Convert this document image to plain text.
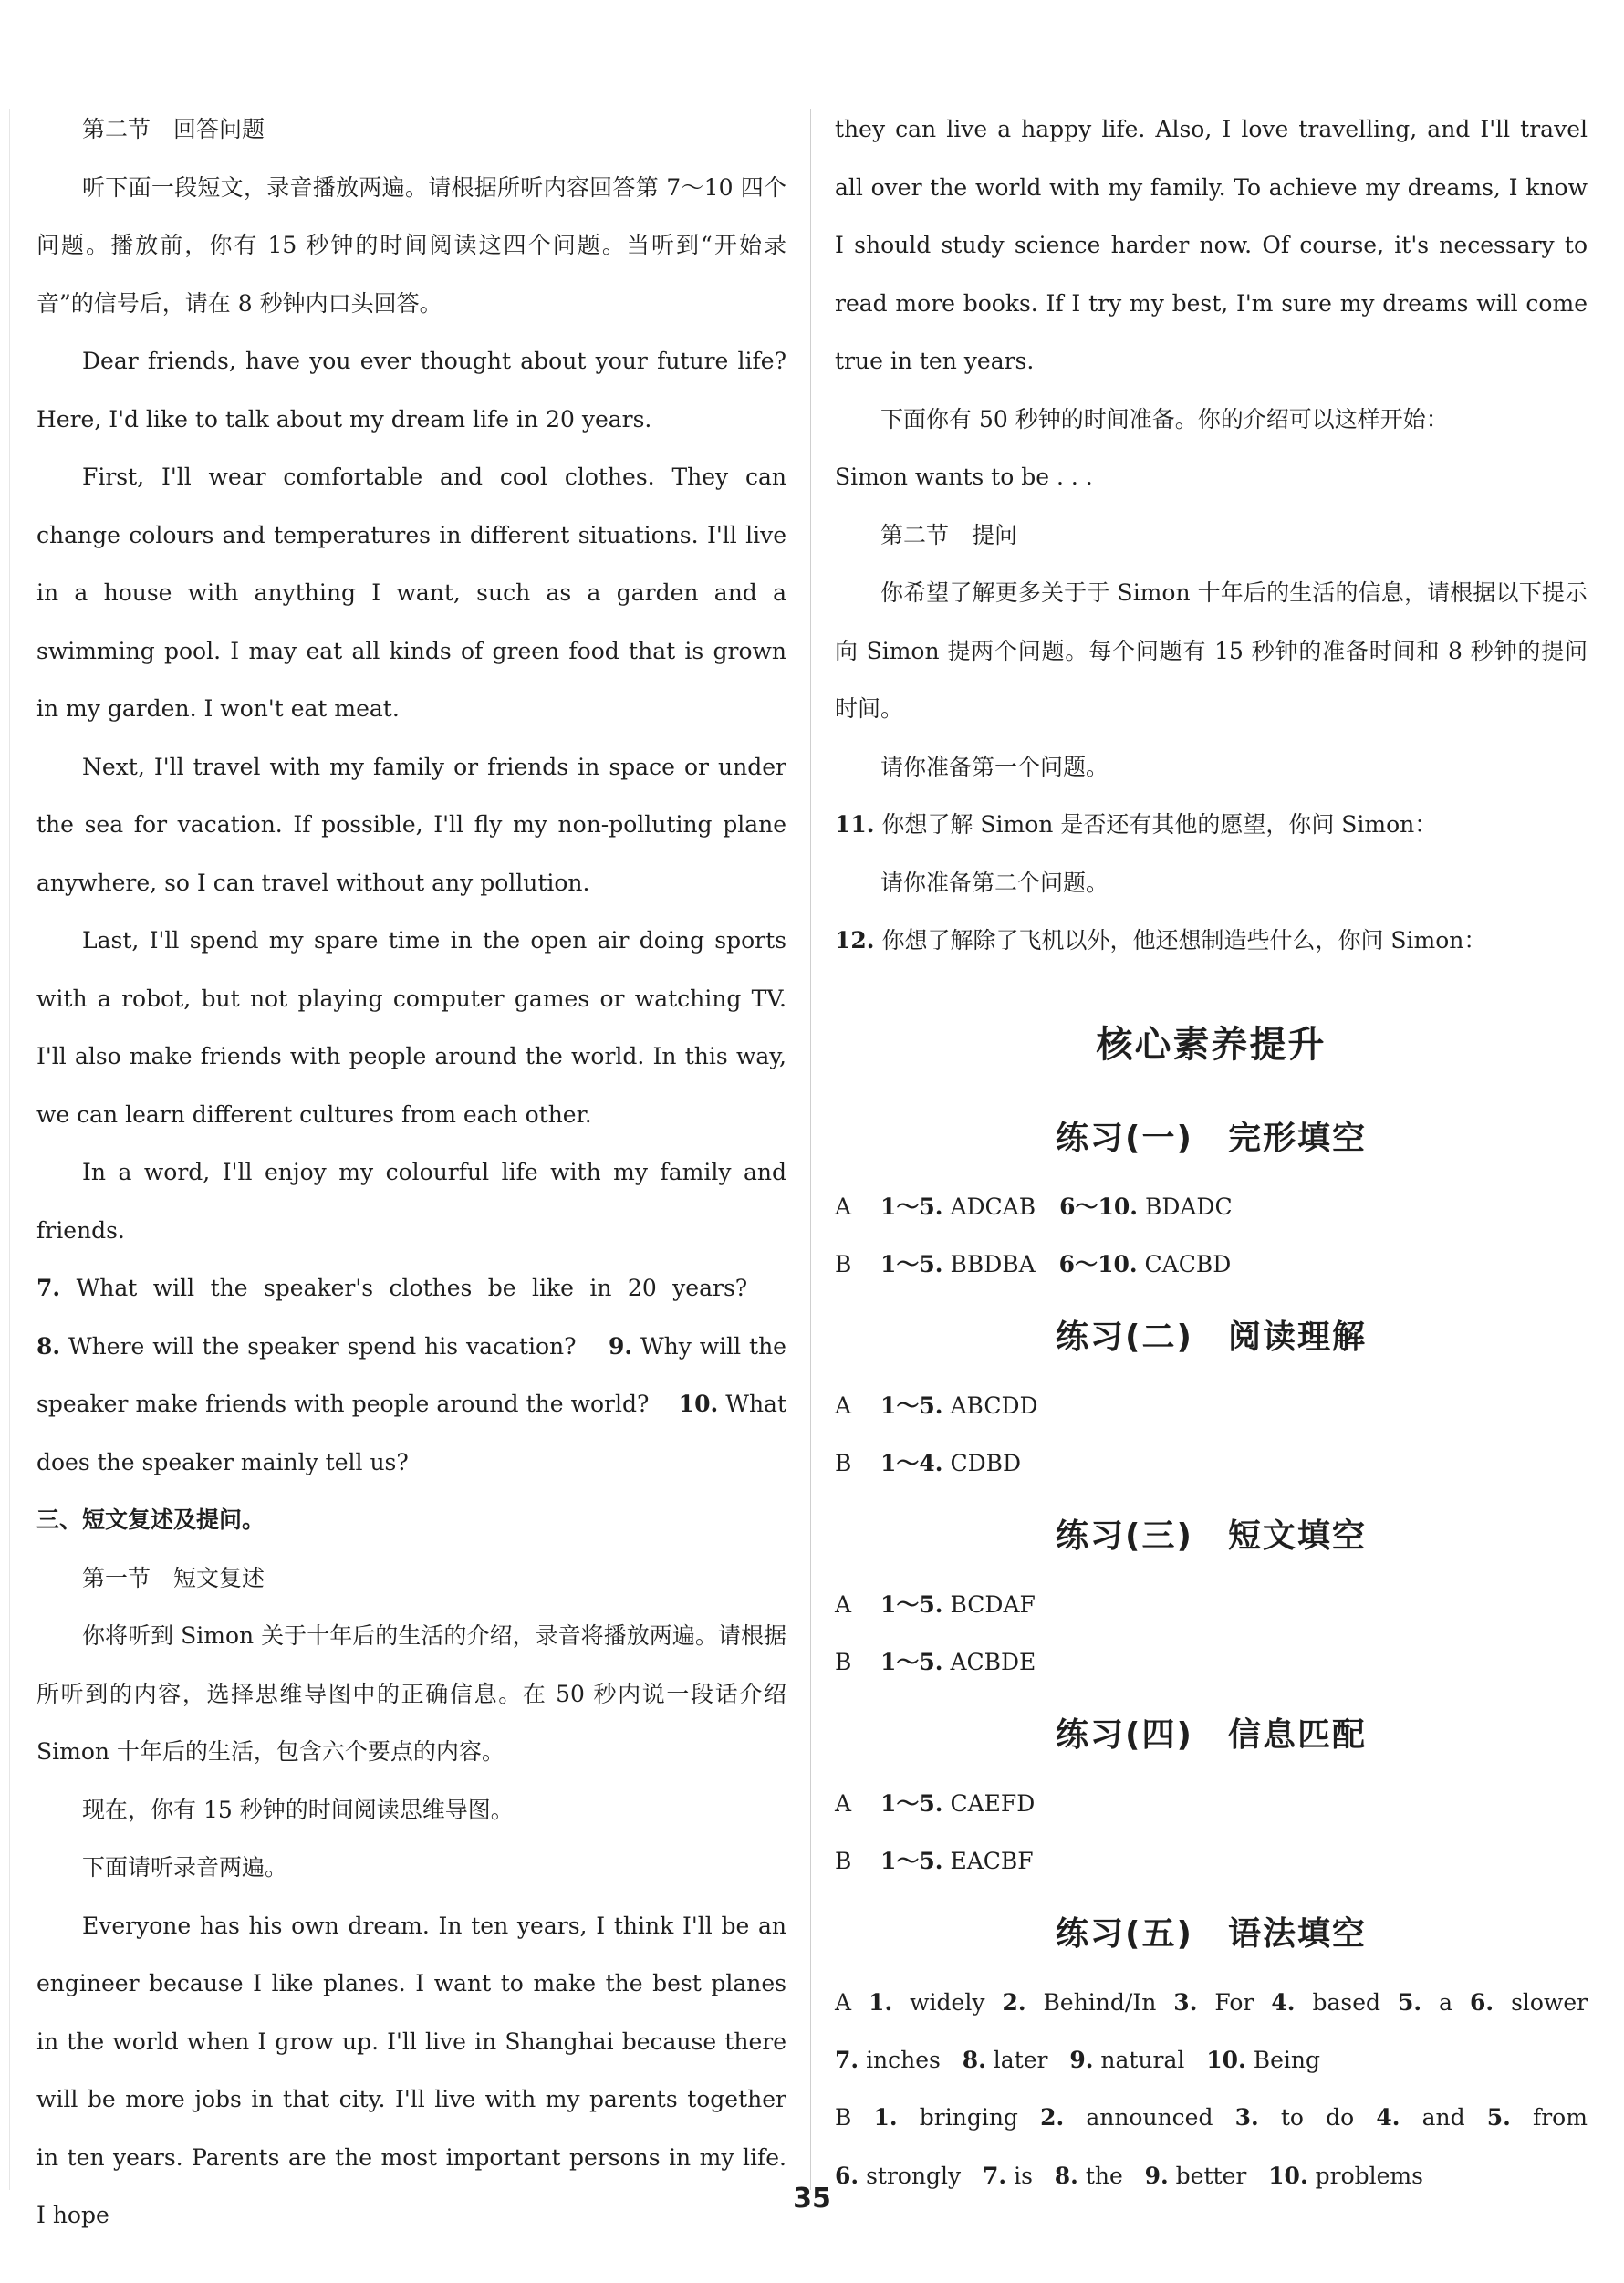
第二节　回答问题

听下面一段短文，录音播放两遍。请根据所听内容回答第 7～10 四个问题。播放前，你有 15 秒钟的时间阅读这四个问题。当听到“开始录音”的信号后，请在 8 秒钟内口头回答。

Dear friends, have you ever thought about your future life? Here, I'd like to talk about my dream life in 20 years.

First, I'll wear comfortable and cool clothes. They can change colours and temperatures in different situations. I'll live in a house with anything I want, such as a garden and a swimming pool. I may eat all kinds of green food that is grown in my garden. I won't eat meat.

Next, I'll travel with my family or friends in space or under the sea for vacation. If possible, I'll fly my non-polluting plane anywhere, so I can travel without any pollution.

Last, I'll spend my spare time in the open air doing sports with a robot, but not playing computer games or watching TV. I'll also make friends with people around the world. In this way, we can learn different cultures from each other.

In a word, I'll enjoy my colourful life with my family and friends.

7. What will the speaker's clothes be like in 20 years?    8. Where will the speaker spend his vacation? 9. Why will the speaker make friends with people around the world? 10. What does the speaker mainly tell us?

三、短文复述及提问。

第一节　短文复述

你将听到 Simon 关于十年后的生活的介绍，录音将播放两遍。请根据所听到的内容，选择思维导图中的正确信息。在 50 秒内说一段话介绍 Simon 十年后的生活，包含六个要点的内容。

现在，你有 15 秒钟的时间阅读思维导图。

下面请听录音两遍。

Everyone has his own dream. In ten years, I think I'll be an engineer because I like planes. I want to make the best planes in the world when I grow up. I'll live in Shanghai because there will be more jobs in that city. I'll live with my parents together in ten years. Parents are the most important persons in my life. I hope

they can live a happy life. Also, I love travelling, and I'll travel all over the world with my family. To achieve my dreams, I know I should study science harder now. Of course, it's necessary to read more books. If I try my best, I'm sure my dreams will come true in ten years.

下面你有 50 秒钟的时间准备。你的介绍可以这样开始：

Simon wants to be . . .

第二节　提问

你希望了解更多关于于 Simon 十年后的生活的信息，请根据以下提示向 Simon 提两个问题。每个问题有 15 秒钟的准备时间和 8 秒钟的提问时间。

请你准备第一个问题。

11. 你想了解 Simon 是否还有其他的愿望，你问 Simon：

请你准备第二个问题。

12. 你想了解除了飞机以外，他还想制造些什么，你问 Simon：

核心素养提升
练习(一)　完形填空

A 1～5. ADCAB 6～10. BDADC

B 1～5. BBDBA 6～10. CACBD

练习(二)　阅读理解

A 1～5. ABCDD

B 1～4. CDBD

练习(三)　短文填空

A 1～5. BCDAF

B 1～5. ACBDE

练习(四)　信息匹配

A 1～5. CAEFD

B 1～5. EACBF

练习(五)　语法填空

A 1. widely 2. Behind/In 3. For 4. based 5. a 6. slower

7. inches 8. later 9. natural 10. Being

B 1. bringing 2. announced 3. to do 4. and 5. from

6. strongly 7. is 8. the 9. better 10. problems

35
